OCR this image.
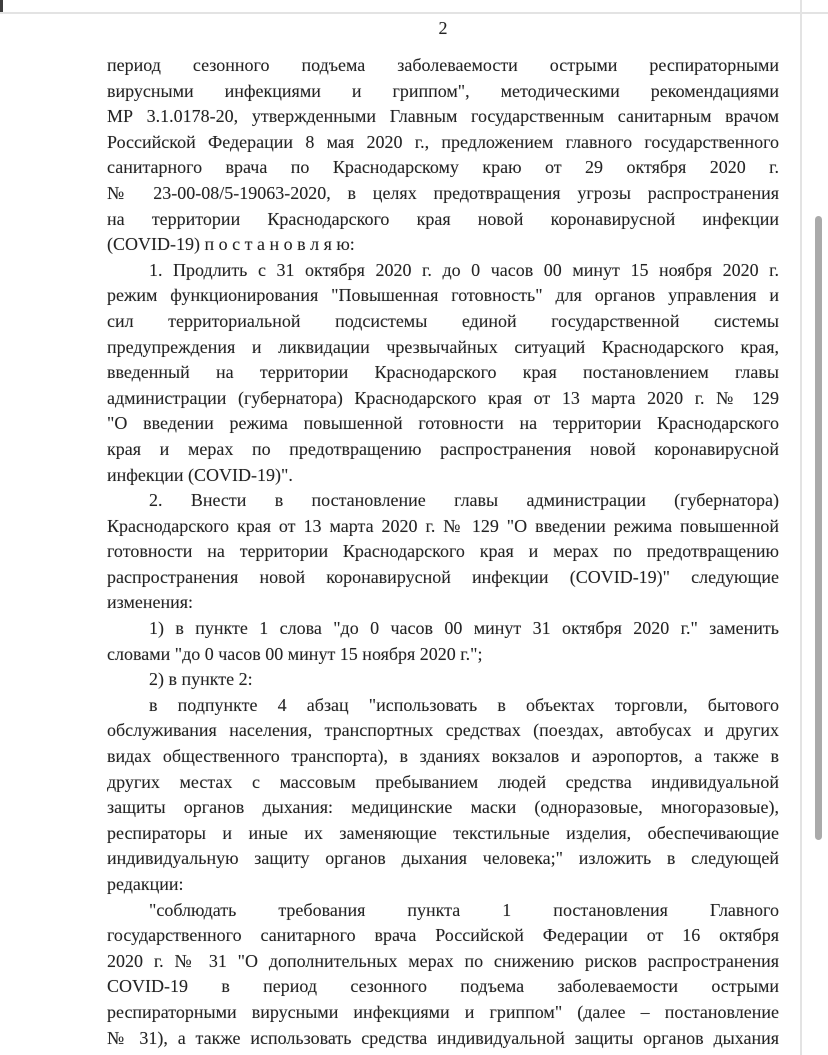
2
период сезонного подъема заболеваемости острыми респираторными
вирусными инфекциями и гриппом", методическими рекомендациями
МР 3.1.0178-20, утвержденными Главным государственным санитарным врачом
Российской Федерации 8 мая 2020 г., предложением главного государственного
санитарного врача по Краснодарскому краю от 29 октября 2020 г.
№ 23-00-08/5-19063-2020, в целях предотвращения угрозы распространения
на территории Краснодарского края новой коронавирусной инфекции
(COVID-19) п о с т а н о в л я ю:
1. Продлить с 31 октября 2020 г. до 0 часов 00 минут 15 ноября 2020 г.
режим функционирования "Повышенная готовность" для органов управления и
сил территориальной подсистемы единой государственной системы
предупреждения и ликвидации чрезвычайных ситуаций Краснодарского края,
введенный на территории Краснодарского края постановлением главы
администрации (губернатора) Краснодарского края от 13 марта 2020 г. № 129
"О введении режима повышенной готовности на территории Краснодарского
края и мерах по предотвращению распространения новой коронавирусной
инфекции (COVID-19)".
2. Внести в постановление главы администрации (губернатора)
Краснодарского края от 13 марта 2020 г. № 129 "О введении режима повышенной
готовности на территории Краснодарского края и мерах по предотвращению
распространения новой коронавирусной инфекции (COVID-19)" следующие
изменения:
1) в пункте 1 слова "до 0 часов 00 минут 31 октября 2020 г." заменить
словами "до 0 часов 00 минут 15 ноября 2020 г.";
2) в пункте 2:
в подпункте 4 абзац "использовать в объектах торговли, бытового
обслуживания населения, транспортных средствах (поездах, автобусах и других
видах общественного транспорта), в зданиях вокзалов и аэропортов, а также в
других местах с массовым пребыванием людей средства индивидуальной
защиты органов дыхания: медицинские маски (одноразовые, многоразовые),
респираторы и иные их заменяющие текстильные изделия, обеспечивающие
индивидуальную защиту органов дыхания человека;" изложить в следующей
редакции:
"соблюдать требования пункта 1 постановления Главного
государственного санитарного врача Российской Федерации от 16 октября
2020 г. № 31 "О дополнительных мерах по снижению рисков распространения
COVID-19 в период сезонного подъема заболеваемости острыми
респираторными вирусными инфекциями и гриппом" (далее – постановление
№ 31), а также использовать средства индивидуальной защиты органов дыхания
